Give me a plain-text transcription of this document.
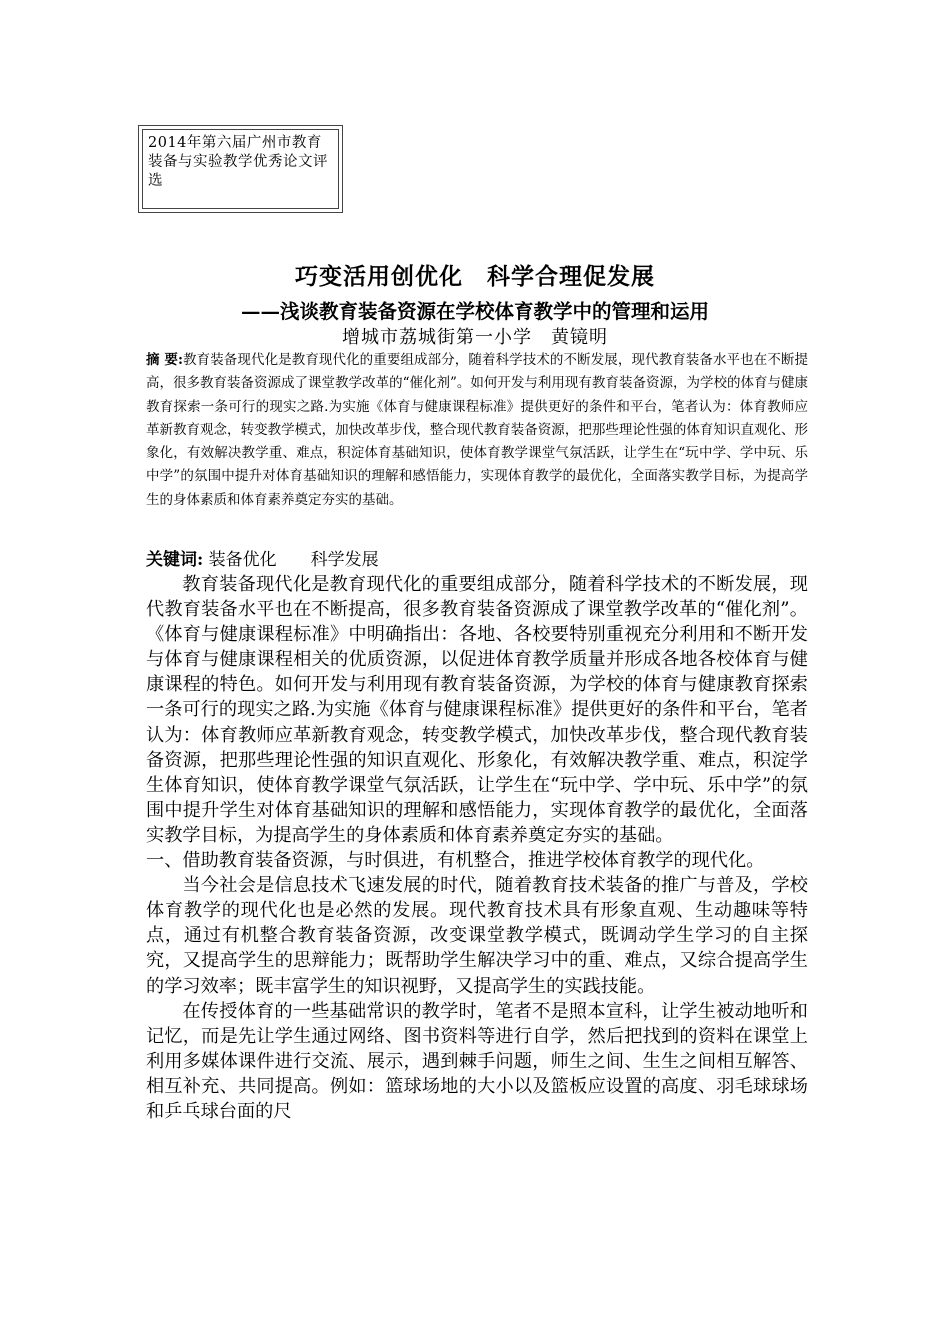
2014年第六届广州市教育装备与实验教学优秀论文评选
巧变活用创优化　科学合理促发展
——浅谈教育装备资源在学校体育教学中的管理和运用
增城市荔城街第一小学　黄镜明
摘 要:教育装备现代化是教育现代化的重要组成部分，随着科学技术的不断发展，现代教育装备水平也在不断提高，很多教育装备资源成了课堂教学改革的“催化剂”。如何开发与利用现有教育装备资源，为学校的体育与健康教育探索一条可行的现实之路.为实施《体育与健康课程标准》提供更好的条件和平台，笔者认为：体育教师应革新教育观念，转变教学模式，加快改革步伐，整合现代教育装备资源，把那些理论性强的体育知识直观化、形象化，有效解决教学重、难点，积淀体育基础知识，使体育教学课堂气氛活跃，让学生在“玩中学、学中玩、乐中学”的氛围中提升对体育基础知识的理解和感悟能力，实现体育教学的最优化，全面落实教学目标，为提高学生的身体素质和体育素养奠定夯实的基础。
关键词: 装备优化　　科学发展

教育装备现代化是教育现代化的重要组成部分，随着科学技术的不断发展，现代教育装备水平也在不断提高，很多教育装备资源成了课堂教学改革的“催化剂”。《体育与健康课程标准》中明确指出：各地、各校要特别重视充分利用和不断开发与体育与健康课程相关的优质资源，以促进体育教学质量并形成各地各校体育与健康课程的特色。如何开发与利用现有教育装备资源，为学校的体育与健康教育探索一条可行的现实之路.为实施《体育与健康课程标准》提供更好的条件和平台，笔者认为：体育教师应革新教育观念，转变教学模式，加快改革步伐，整合现代教育装备资源，把那些理论性强的知识直观化、形象化，有效解决教学重、难点，积淀学生体育知识，使体育教学课堂气氛活跃，让学生在“玩中学、学中玩、乐中学”的氛围中提升学生对体育基础知识的理解和感悟能力，实现体育教学的最优化，全面落实教学目标，为提高学生的身体素质和体育素养奠定夯实的基础。

一、借助教育装备资源，与时俱进，有机整合，推进学校体育教学的现代化。

当今社会是信息技术飞速发展的时代，随着教育技术装备的推广与普及，学校体育教学的现代化也是必然的发展。现代教育技术具有形象直观、生动趣味等特点，通过有机整合教育装备资源，改变课堂教学模式，既调动学生学习的自主探究，又提高学生的思辩能力；既帮助学生解决学习中的重、难点，又综合提高学生的学习效率；既丰富学生的知识视野，又提高学生的实践技能。

在传授体育的一些基础常识的教学时，笔者不是照本宣科，让学生被动地听和记忆，而是先让学生通过网络、图书资料等进行自学，然后把找到的资料在课堂上利用多媒体课件进行交流、展示，遇到棘手问题，师生之间、生生之间相互解答、相互补充、共同提高。例如：篮球场地的大小以及篮板应设置的高度、羽毛球球场和乒乓球台面的尺
